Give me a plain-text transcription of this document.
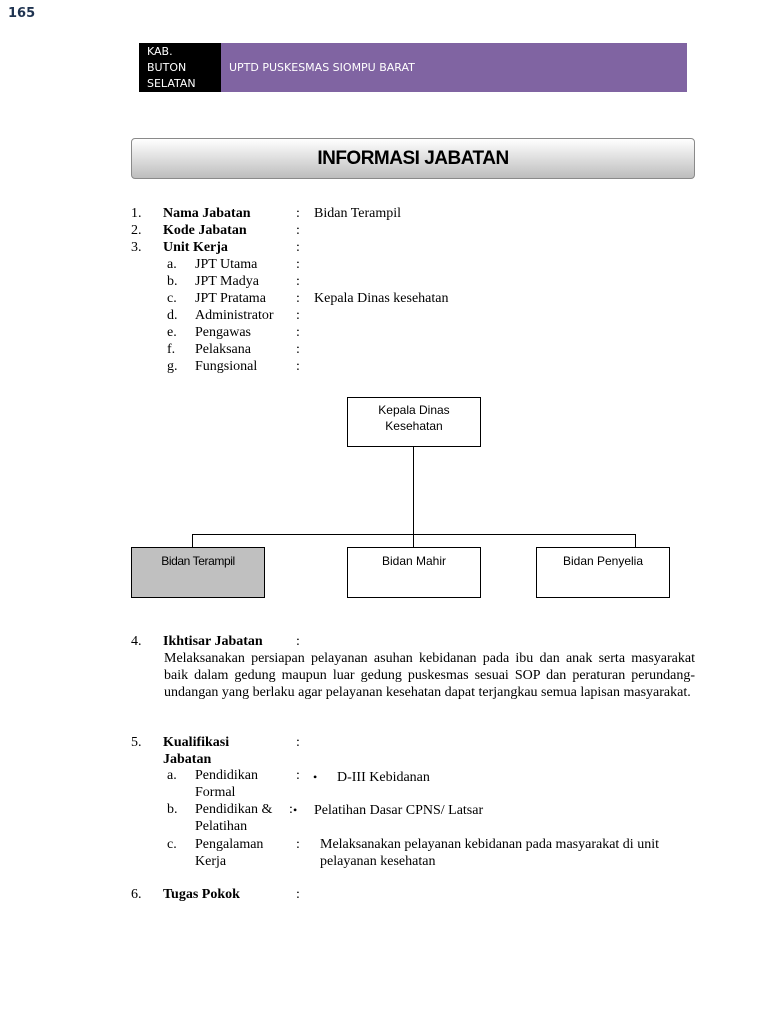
165
KAB.
BUTON
SELATAN
UPTD PUSKESMAS SIOMPU BARAT
INFORMASI JABATAN
1. Nama Jabatan	: Bidan Terampil
2. Kode Jabatan	:
3. Unit Kerja	:
a. JPT Utama	:
b. JPT Madya	:
c. JPT Pratama : Kepala Dinas kesehatan
d. Administrator :
e. Pengawas	:
f. Pelaksana	:
g. Fungsional	:
Kepala Dinas
Kesehatan
Bidan Terampil	Bidan Mahir	Bidan Penyelia
4. Ikhtisar Jabatan :
Melaksanakan persiapan pelayanan asuhan kebidanan pada ibu dan anak serta masyarakat baik dalam gedung maupun luar gedung puskesmas sesuai SOP dan peraturan perundang-undangan yang berlaku agar pelayanan kesehatan dapat terjangkau semua lapisan masyarakat.
5. Kualifikasi
Jabatan
:
a. Pendidikan
Formal
: • D-III Kebidanan
b. Pendidikan &
Pelatihan
: • Pelatihan Dasar CPNS/ Latsar
c. Pengalaman
Kerja
: Melaksanakan pelayanan kebidanan pada masyarakat di unit
pelayanan kesehatan
6. Tugas Pokok	:
